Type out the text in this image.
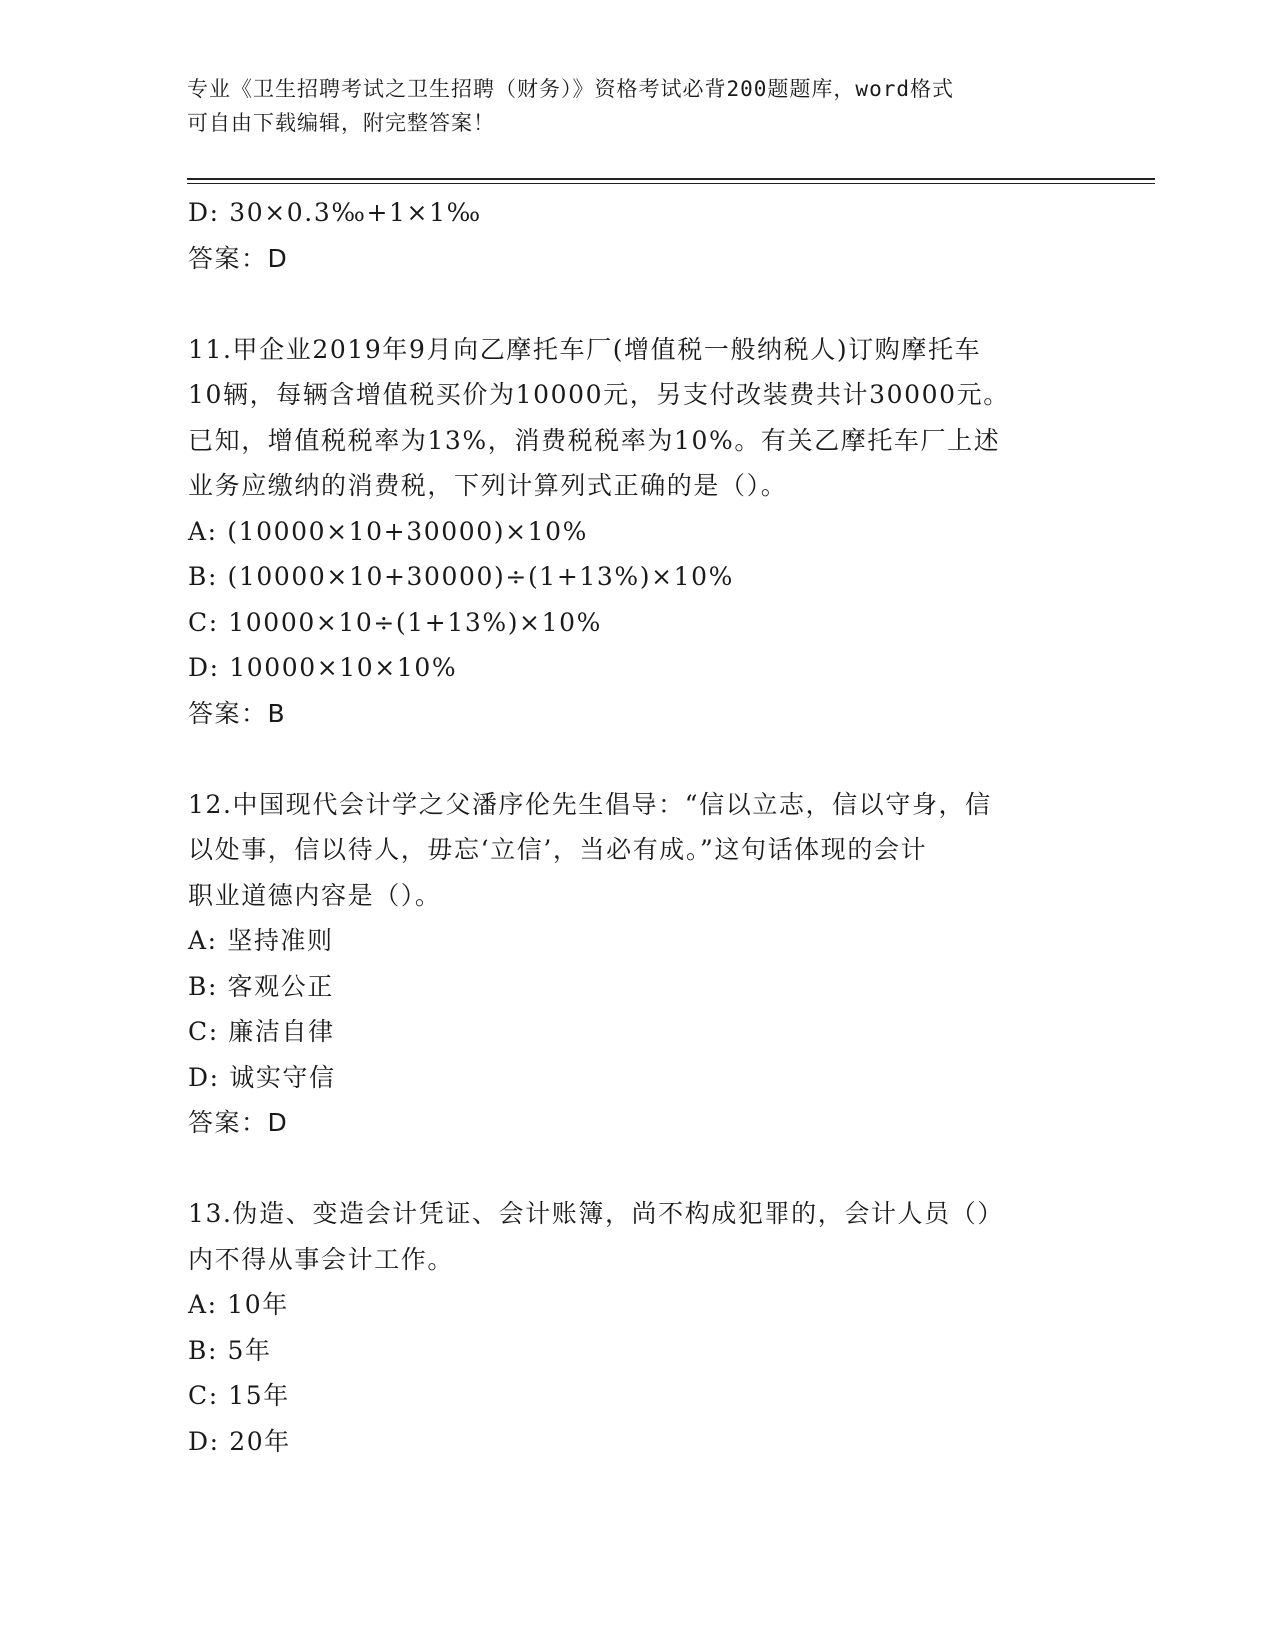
专业《卫生招聘考试之卫生招聘（财务）》资格考试必背200题题库，word格式
可自由下载编辑，附完整答案！
D: 30×0.3‰+1×1‰
答案：D
11.甲企业2019年9月向乙摩托车厂(增值税一般纳税人)订购摩托车
10辆，每辆含增值税买价为10000元，另支付改装费共计30000元。
已知，增值税税率为13%，消费税税率为10%。有关乙摩托车厂上述
业务应缴纳的消费税，下列计算列式正确的是（）。
A: (10000×10+30000)×10%
B: (10000×10+30000)÷(1+13%)×10%
C: 10000×10÷(1+13%)×10%
D: 10000×10×10%
答案：B
12.中国现代会计学之父潘序伦先生倡导：“信以立志，信以守身，信
以处事，信以待人，毋忘‘立信’，当必有成。”这句话体现的会计
职业道德内容是（）。
A: 坚持准则
B: 客观公正
C: 廉洁自律
D: 诚实守信
答案：D
13.伪造、变造会计凭证、会计账簿，尚不构成犯罪的，会计人员（）
内不得从事会计工作。
A: 10年
B: 5年
C: 15年
D: 20年
